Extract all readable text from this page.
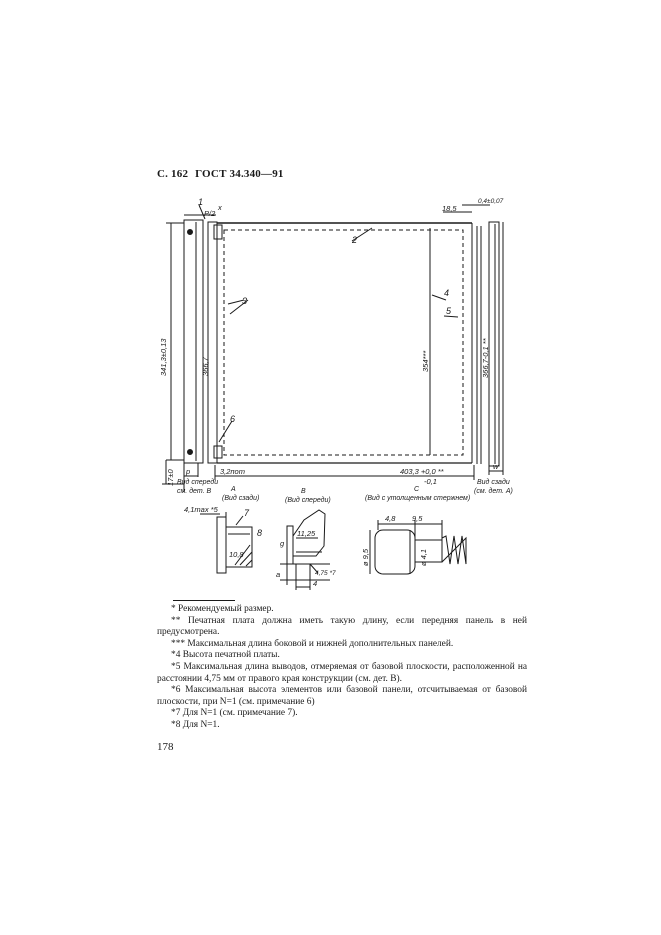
С. 162 ГОСТ 34.340—91
1
2
3
4
5
6
7
8
P/2
x	18,5
0,4±0,07
341,3±0,13	366,7	354***	366,7-0,1 **
17±0 p
w
3,2пот	403,3 +0,0 **
-0,1
4,1max *5
10,8
11,25
g
a	4,75 *7
4
4,8 9,5
ø 9,5	ø 4,1
Вид спереди
см. дет. B	A
(Вид сзади)
B
(Вид спереди)
C
(Вид с утолщенным стержнем)
Вид сзади
(см. дет. A)

* Рекомендуемый размер.

** Печатная плата должна иметь такую длину, если передняя панель в ней предусмотрена.

*** Максимальная длина боковой и нижней дополнительных панелей.

*4 Высота печатной платы.

*5 Максимальная длина выводов, отмеряемая от базовой плоскости, расположенной на расстоянии 4,75 мм от правого края конструкции (см. дет. B).

*6 Максимальная высота элементов или базовой панели, отсчитываемая от базовой плоскости, при N=1 (см. примечание 6)

*7 Для N=1 (см. примечание 7).

*8 Для N=1.

178
